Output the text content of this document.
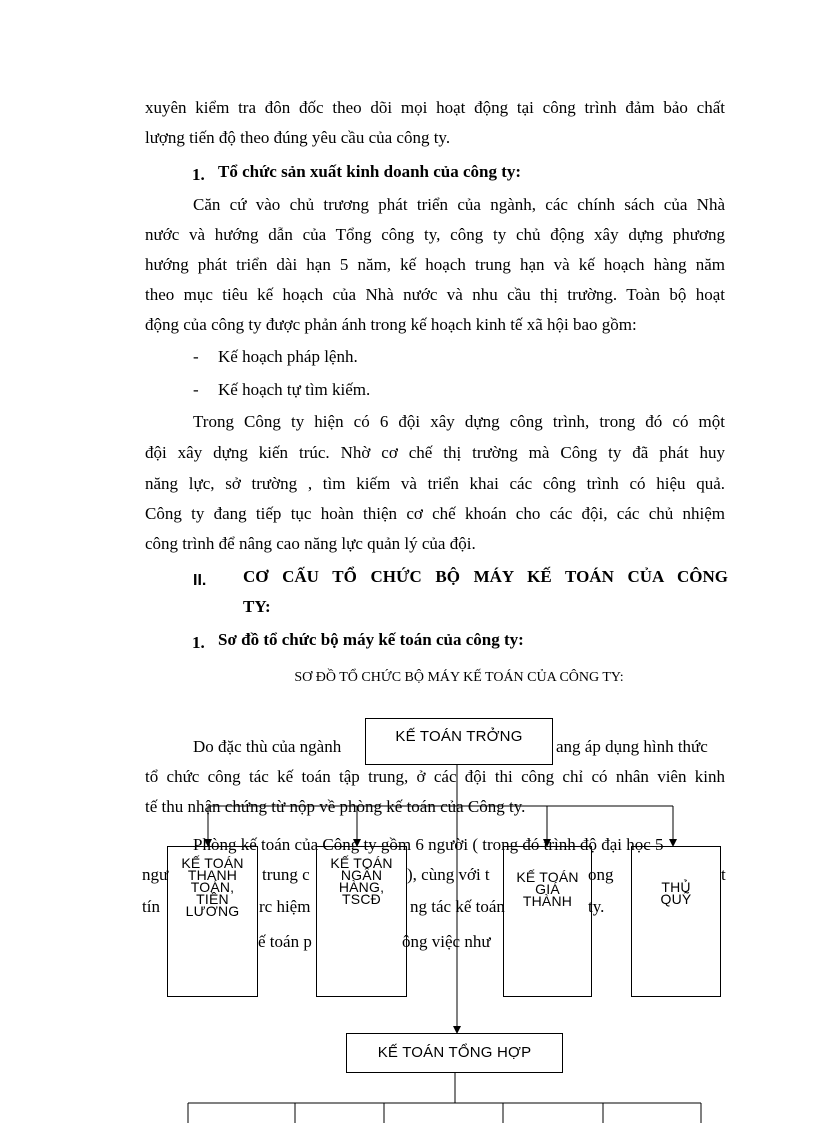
xuyên kiểm tra đôn đốc theo dõi mọi hoạt động tại công trình đảm bảo chất
lượng tiến độ theo đúng yêu cầu của công ty.
1. Tổ chức sản xuất kinh doanh của công ty:
Căn cứ vào chủ trương phát triển của ngành, các chính sách của Nhà
nước và hướng dẫn của Tổng công ty, công ty chủ động xây dựng phương
hướng phát triển dài hạn 5 năm, kế hoạch trung hạn và kế hoạch hàng năm
theo mục tiêu kế hoạch của Nhà nước và nhu cầu thị trường. Toàn bộ hoạt
động của công ty được phản ánh trong kế hoạch kinh tế xã hội bao gồm:
- Kế hoạch pháp lệnh.
- Kế hoạch tự tìm kiếm.
Trong Công ty hiện có 6 đội xây dựng công trình, trong đó có một
đội xây dựng kiến trúc. Nhờ cơ chế thị trường mà Công ty đã phát huy
năng lực, sở trường , tìm kiếm và triển khai các công trình có hiệu quả.
Công ty đang tiếp tục hoàn thiện cơ chế khoán cho các đội, các chủ nhiệm
công trình để nâng cao năng lực quản lý của đội.
II. CƠ CẤU TỔ CHỨC BỘ MÁY KẾ TOÁN CỦA CÔNG
TY:
1. Sơ đồ tổ chức bộ máy kế toán của công ty:
SƠ ĐỒ TỔ CHỨC BỘ MÁY KẾ TOÁN CỦA CÔNG TY:
Do đặc thù của ngành	ang áp dụng hình thức
tổ chức công tác kế toán tập trung, ở các đội thi công chỉ có nhân viên kinh
tế thu nhận chứng từ nộp về phòng kế toán của Công ty.
Phòng kế toán của Công ty gồm 6 người ( trong đó trình độ đại học 5
ngư	trung c	), cùng với t	ong	t
tín	rc hiệm	ng tác kế toán	ty.
ế toán p	ông việc như
KẾ TOÁN TRỞNG
KẾ TOÁN THANH TOÁN, TIỀN LƯƠNG
KẾ TOÁN NGÂN HÀNG, TSCĐ
KẾ TOÁN GIÁ THÀNH
THỦ QUỸ
KẾ TOÁN TỔNG HỢP
